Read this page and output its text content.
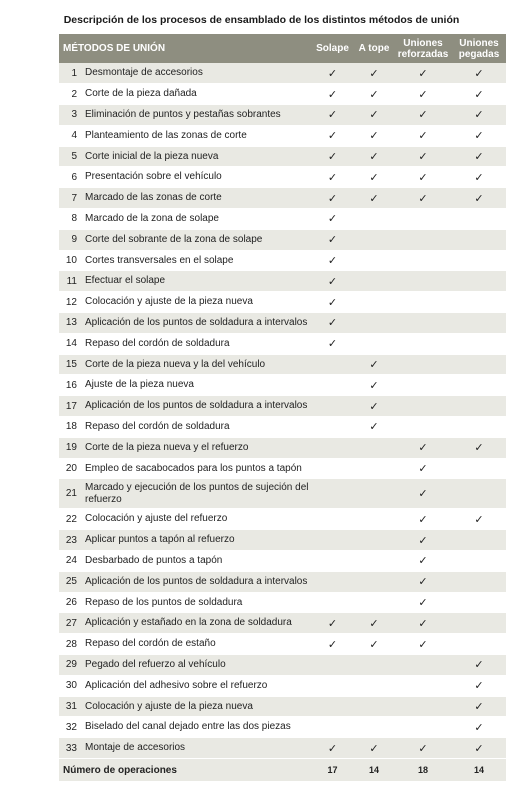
Descripción de los procesos de ensamblado de los distintos métodos de unión
MÉTODOS DE UNIÓN		Solape	A tope	Uniones reforzadas	Uniones pegadas
1	Desmontaje de accesorios	✓	✓	✓	✓
2	Corte de la pieza dañada	✓	✓	✓	✓
3	Eliminación de puntos y pestañas sobrantes	✓	✓	✓	✓
4	Planteamiento de las zonas de corte	✓	✓	✓	✓
5	Corte inicial de la pieza nueva	✓	✓	✓	✓
6	Presentación sobre el vehículo	✓	✓	✓	✓
7	Marcado de las zonas de corte	✓	✓	✓	✓
8	Marcado de la zona de solape	✓			
9	Corte del sobrante de la zona de solape	✓			
10	Cortes transversales en el solape	✓			
11	Efectuar el solape	✓			
12	Colocación y ajuste de la pieza nueva	✓			
13	Aplicación de los puntos de soldadura a intervalos	✓			
14	Repaso del cordón de soldadura	✓			
15	Corte de la pieza nueva y la del vehículo		✓		
16	Ajuste de la pieza nueva		✓		
17	Aplicación de los puntos de soldadura a intervalos		✓		
18	Repaso del cordón de soldadura		✓		
19	Corte de la pieza nueva y el refuerzo			✓	✓
20	Empleo de sacabocados para los puntos a tapón			✓	
21	Marcado y ejecución de los puntos de sujeción del refuerzo			✓	
22	Colocación y ajuste del refuerzo			✓	✓
23	Aplicar puntos a tapón al refuerzo			✓	
24	Desbarbado de puntos a tapón			✓	
25	Aplicación de los puntos de soldadura a intervalos			✓	
26	Repaso de los puntos de soldadura			✓	
27	Aplicación y estañado en la zona de soldadura	✓	✓	✓	
28	Repaso del cordón de estaño	✓	✓	✓	
29	Pegado del refuerzo al vehículo				✓
30	Aplicación del adhesivo sobre el refuerzo				✓
31	Colocación y ajuste de la pieza nueva				✓
32	Biselado del canal dejado entre las dos piezas				✓
33	Montaje de accesorios	✓	✓	✓	✓
Número de operaciones		17	14	18	14
